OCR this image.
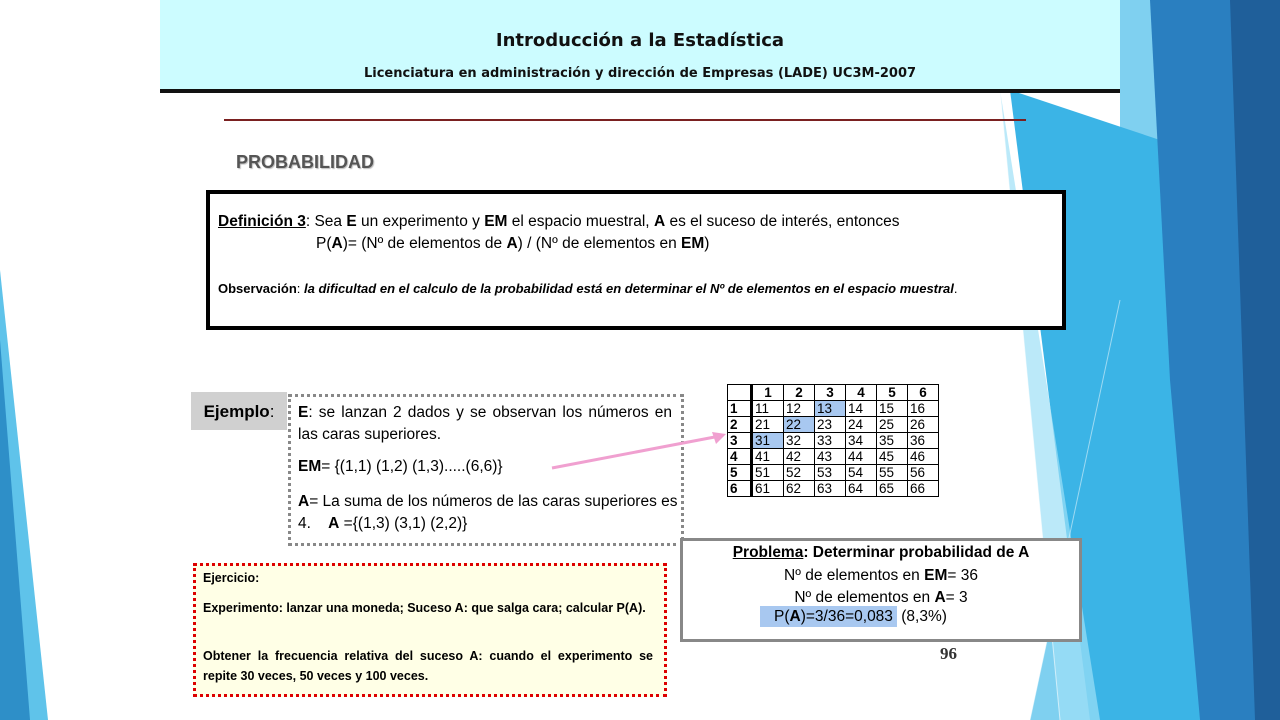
Introducción a la Estadística
Licenciatura en administración y dirección de Empresas (LADE) UC3M-2007
PROBABILIDAD
Definición 3: Sea E un experimento y EM el espacio muestral, A es el suceso de interés, entonces
P(A)= (Nº de elementos de A) / (Nº de elementos en EM)
Observación: la dificultad en el calculo de la probabilidad está en determinar el Nº de elementos en el espacio muestral.
Ejemplo:	E: se lanzan 2 dados y se observan los números en las caras superiores.
EM= {(1,1) (1,2) (1,3).....(6,6)}
A= La suma de los números de las caras superiores es 4. A ={(1,3) (3,1) (2,2)}
	1	2	3	4	5	6
1	11	12	13	14	15	16
2	21	22	23	24	25	26
3	31	32	33	34	35	36
4	41	42	43	44	45	46
5	51	52	53	54	55	56
6	61	62	63	64	65	66
Problema: Determinar probabilidad de A
Nº de elementos en EM= 36
Nº de elementos en A= 3
P(A)=3/36=0,083 (8,3%)
96
Ejercicio:
Experimento: lanzar una moneda; Suceso A: que salga cara; calcular P(A).
Obtener la frecuencia relativa del suceso A: cuando el experimento se repite 30 veces, 50 veces y 100 veces.
